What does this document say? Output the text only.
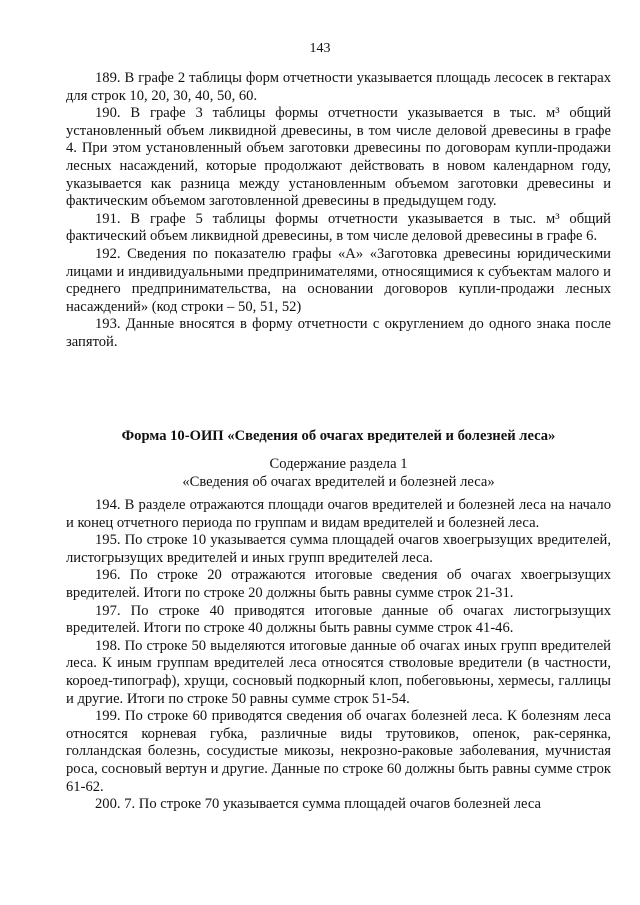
143

189. В графе 2 таблицы форм отчетности указывается площадь лесосек в гектарах для строк 10, 20, 30, 40, 50, 60.

190. В графе 3 таблицы формы отчетности указывается в тыс. м³ общий установленный объем ликвидной древесины, в том числе деловой древесины в графе 4. При этом установленный объем заготовки древесины по договорам купли-продажи лесных насаждений, которые продолжают действовать в новом календарном году, указывается как разница между установленным объемом заготовки древесины и фактическим объемом заготовленной древесины в предыдущем году.

191. В графе 5 таблицы формы отчетности указывается в тыс. м³ общий фактический объем ликвидной древесины, в том числе деловой древесины в графе 6.

192. Сведения по показателю графы «А» «Заготовка древесины юридическими лицами и индивидуальными предпринимателями, относящимися к субъектам малого и среднего предпринимательства, на основании договоров купли-продажи лесных насаждений» (код строки – 50, 51, 52)

193. Данные вносятся в форму отчетности с округлением до одного знака после запятой.

Форма 10-ОИП «Сведения об очагах вредителей и болезней леса»
Содержание раздела 1
«Сведения об очагах вредителей и болезней леса»

194. В разделе отражаются площади очагов вредителей и болезней леса на начало и конец отчетного периода по группам и видам вредителей и болезней леса.

195. По строке 10 указывается сумма площадей очагов хвоегрызущих вредителей, листогрызущих вредителей и иных групп вредителей леса.

196. По строке 20 отражаются итоговые сведения об очагах хвоегрызущих вредителей. Итоги по строке 20 должны быть равны сумме строк 21-31.

197. По строке 40 приводятся итоговые данные об очагах листогрызущих вредителей. Итоги по строке 40 должны быть равны сумме строк 41-46.

198. По строке 50 выделяются итоговые данные об очагах иных групп вредителей леса. К иным группам вредителей леса относятся стволовые вредители (в частности, короед-типограф), хрущи, сосновый подкорный клоп, побеговьюны, хермесы, галлицы и другие. Итоги по строке 50 равны сумме строк 51-54.

199. По строке 60 приводятся сведения об очагах болезней леса. К болезням леса относятся корневая губка, различные виды трутовиков, опенок, рак-серянка, голландская болезнь, сосудистые микозы, некрозно-раковые заболевания, мучнистая роса, сосновый вертун и другие. Данные по строке 60 должны быть равны сумме строк 61-62.

200. 7. По строке 70 указывается сумма площадей очагов болезней леса
